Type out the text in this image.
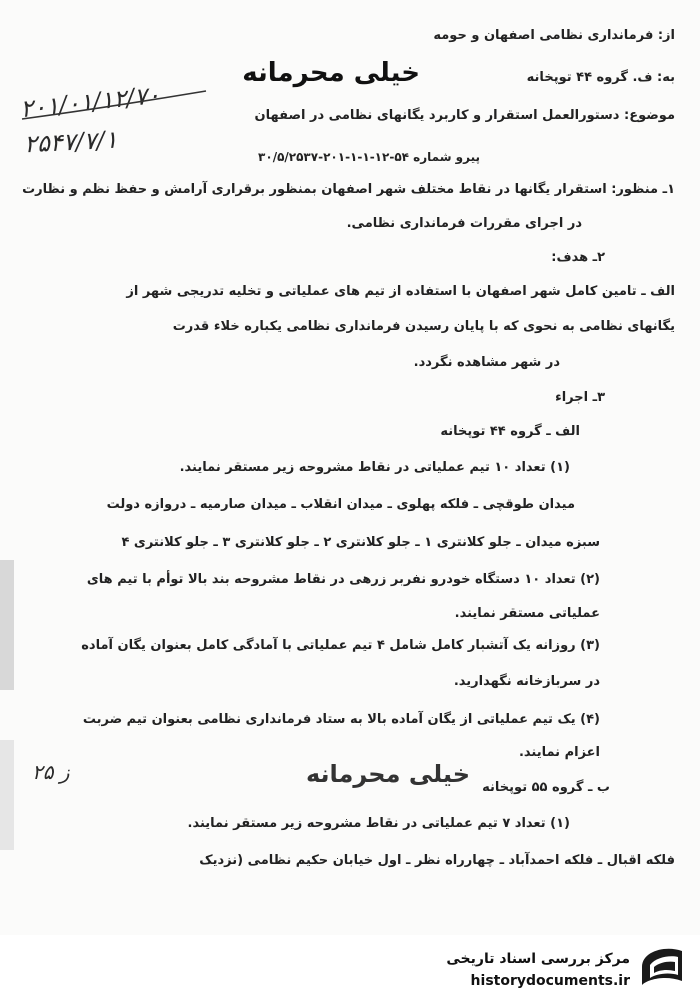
از: فرمانداری نظامی اصفهان و حومه
به: ف. گروه ۴۴ توپخانه
خیلی محرمانه
۲۰۱/۰۱/۱۲/۷۰
۲۵۴۷/۷/۱
موضوع: دستورالعمل استقرار و کاربرد یگانهای نظامی در اصفهان
پیرو شماره ۵۴-۱۲-۱-۱-۲۰۱-۳۰/۵/۲۵۳۷
۱ـ منظور: استقرار یگانها در نقاط مختلف شهر اصفهان بمنظور برقراری آرامش و حفظ نظم و نظارت
در اجرای مقررات فرمانداری نظامی.
۲ـ هدف:
الف ـ تامین کامل شهر اصفهان با استفاده از تیم های عملیاتی و تخلیه تدریجی شهر از
یگانهای نظامی به نحوی که با پایان رسیدن فرمانداری نظامی یکباره خلاء قدرت
در شهر مشاهده نگردد.
۳ـ اجراء
الف ـ گروه ۴۴ توپخانه
(۱) تعداد ۱۰ تیم عملیاتی در نقاط مشروحه زیر مستقر نمایند.
میدان طوقچی ـ فلکه پهلوی ـ میدان انقلاب ـ میدان صارمیه ـ دروازه دولت
سبزه میدان ـ جلو کلانتری ۱ ـ جلو کلانتری ۲ ـ جلو کلانتری ۳ ـ جلو کلانتری ۴
(۲) تعداد ۱۰ دستگاه خودرو نفربر زرهی در نقاط مشروحه بند بالا توأم با تیم های
عملیاتی مستقر نمایند.
(۳) روزانه یک آتشبار کامل شامل ۴ تیم عملیاتی با آمادگی کامل بعنوان یگان آماده
در سربازخانه نگهدارید.
(۴) یک تیم عملیاتی از یگان آماده بالا به ستاد فرمانداری نظامی بعنوان تیم ضربت
اعزام نمایند.
ب ـ گروه ۵۵ توپخانه
خیلی محرمانه
۲۵ ز
(۱) تعداد ۷ تیم عملیاتی در نقاط مشروحه زیر مستقر نمایند.
فلکه اقبال ـ فلکه احمدآباد ـ چهارراه نظر ـ اول خیابان حکیم نظامی (نزدیک
مرکز بررسی اسناد تاریخی
historydocuments.ir
